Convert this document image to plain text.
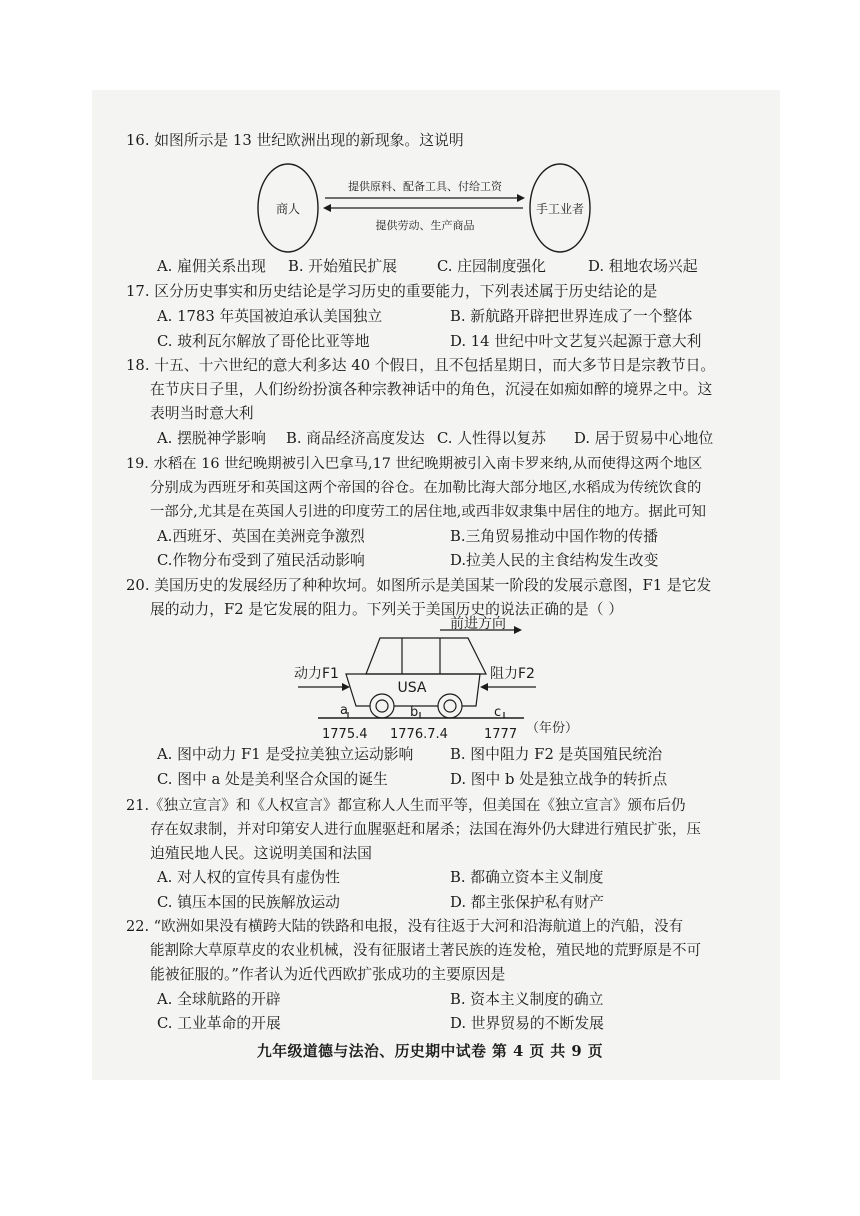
16. 如图所示是 13 世纪欧洲出现的新现象。这说明
商人	手工业者
提供原料、配备工具、付给工资
提供劳动、生产商品
A. 雇佣关系出现 B. 开始殖民扩展	C. 庄园制度强化	D. 租地农场兴起
17. 区分历史事实和历史结论是学习历史的重要能力，下列表述属于历史结论的是
A. 1783 年英国被迫承认美国独立	B. 新航路开辟把世界连成了一个整体
C. 玻利瓦尔解放了哥伦比亚等地	D. 14 世纪中叶文艺复兴起源于意大利
18. 十五、十六世纪的意大利多达 40 个假日，且不包括星期日，而大多节日是宗教节日。
在节庆日子里，人们纷纷扮演各种宗教神话中的角色，沉浸在如痴如醉的境界之中。这
表明当时意大利
A. 摆脱神学影响 B. 商品经济高度发达 C. 人性得以复苏 D. 居于贸易中心地位
19. 水稻在 16 世纪晚期被引入巴拿马,17 世纪晚期被引入南卡罗来纳,从而使得这两个地区
分别成为西班牙和英国这两个帝国的谷仓。在加勒比海大部分地区,水稻成为传统饮食的
一部分,尤其是在英国人引进的印度劳工的居住地,或西非奴隶集中居住的地方。据此可知
A.西班牙、英国在美洲竞争激烈	B.三角贸易推动中国作物的传播
C.作物分布受到了殖民活动影响	D.拉美人民的主食结构发生改变
20. 美国历史的发展经历了种种坎坷。如图所示是美国某一阶段的发展示意图，F1 是它发
展的动力，F2 是它发展的阻力。下列关于美国历史的说法正确的是（ ）
前进方向
USA
动力F1	阻力F2
a	b	c
1775.4 1776.7.4	1777 （年份）
A. 图中动力 F1 是受拉美独立运动影响 B. 图中阻力 F2 是英国殖民统治
C. 图中 a 处是美利坚合众国的诞生	D. 图中 b 处是独立战争的转折点
21.《独立宣言》和《人权宣言》都宣称人人生而平等，但美国在《独立宣言》颁布后仍
存在奴隶制，并对印第安人进行血腥驱赶和屠杀；法国在海外仍大肆进行殖民扩张，压
迫殖民地人民。这说明美国和法国
A. 对人权的宣传具有虚伪性	B. 都确立资本主义制度
C. 镇压本国的民族解放运动	D. 都主张保护私有财产
22. “欧洲如果没有横跨大陆的铁路和电报，没有往返于大河和沿海航道上的汽船，没有
能割除大草原草皮的农业机械，没有征服诸土著民族的连发枪，殖民地的荒野原是不可
能被征服的。”作者认为近代西欧扩张成功的主要原因是
A. 全球航路的开辟	B. 资本主义制度的确立
C. 工业革命的开展	D. 世界贸易的不断发展
九年级道德与法治、历史期中试卷 第 4 页 共 9 页
